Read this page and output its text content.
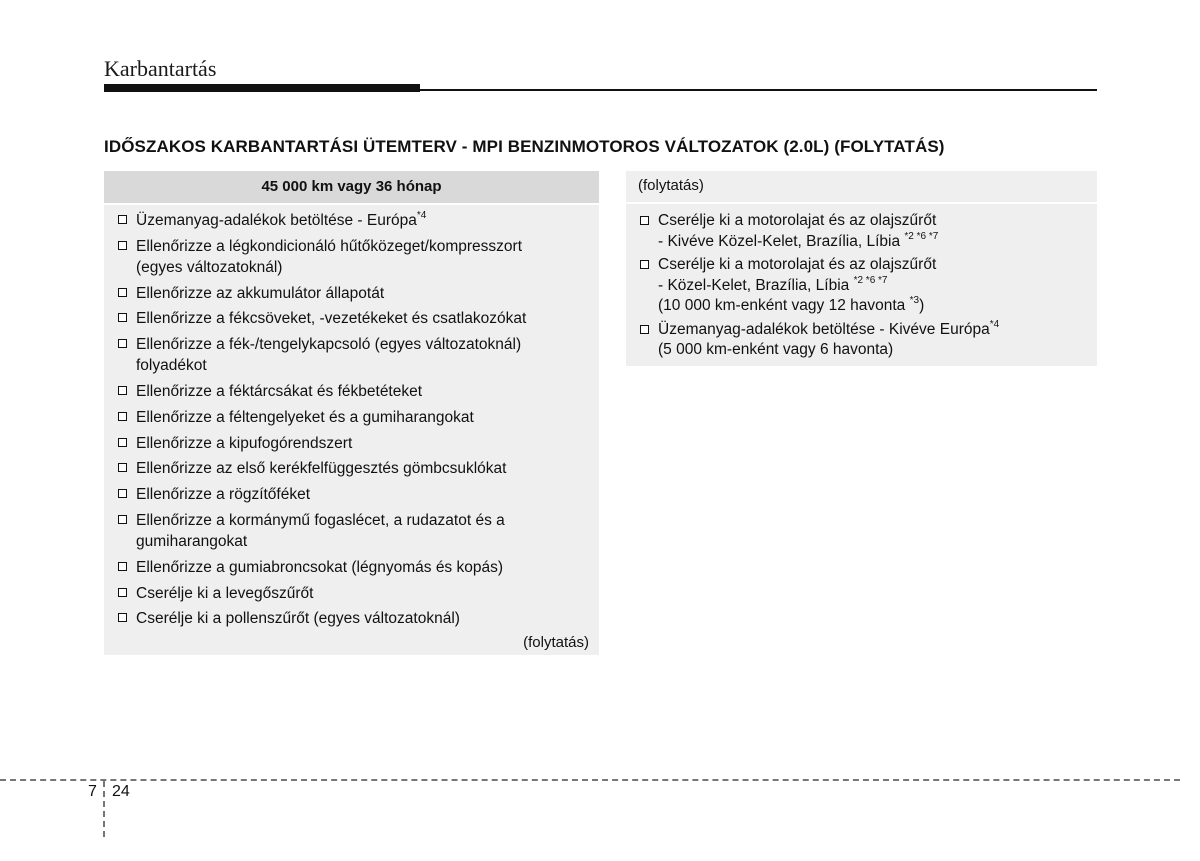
Karbantartás
IDŐSZAKOS KARBANTARTÁSI ÜTEMTERV - MPI BENZINMOTOROS VÁLTOZATOK (2.0L) (FOLYTATÁS)
45 000 km vagy 36 hónap
Üzemanyag-adalékok betöltése - Európa$^{*4}$
Ellenőrizze a légkondicionáló hűtőközeget/kompresszort
(egyes változatoknál)
Ellenőrizze az akkumulátor állapotát
Ellenőrizze a fékcsöveket, -vezetékeket és csatlakozókat
Ellenőrizze a fék-/tengelykapcsoló (egyes változatoknál)
folyadékot
Ellenőrizze a féktárcsákat és fékbetéteket
Ellenőrizze a féltengelyeket és a gumiharangokat
Ellenőrizze a kipufogórendszert
Ellenőrizze az első kerékfelfüggesztés gömbcsuklókat
Ellenőrizze a rögzítőféket
Ellenőrizze a kormánymű fogaslécet, a rudazatot és a
gumiharangokat
Ellenőrizze a gumiabroncsokat (légnyomás és kopás)
Cserélje ki a levegőszűrőt
Cserélje ki a pollenszűrőt (egyes változatoknál)
(folytatás)
(folytatás)
Cserélje ki a motorolajat és az olajszűrőt
- Kivéve Közel-Kelet, Brazília, Líbia $^{*2 *6 *7}$
Cserélje ki a motorolajat és az olajszűrőt
- Közel-Kelet, Brazília, Líbia $^{*2 *6 *7}$
(10 000 km-enként vagy 12 havonta $^{*3}$)
Üzemanyag-adalékok betöltése - Kivéve Európa$^{*4}$
(5 000 km-enként vagy 6 havonta)
7 24
